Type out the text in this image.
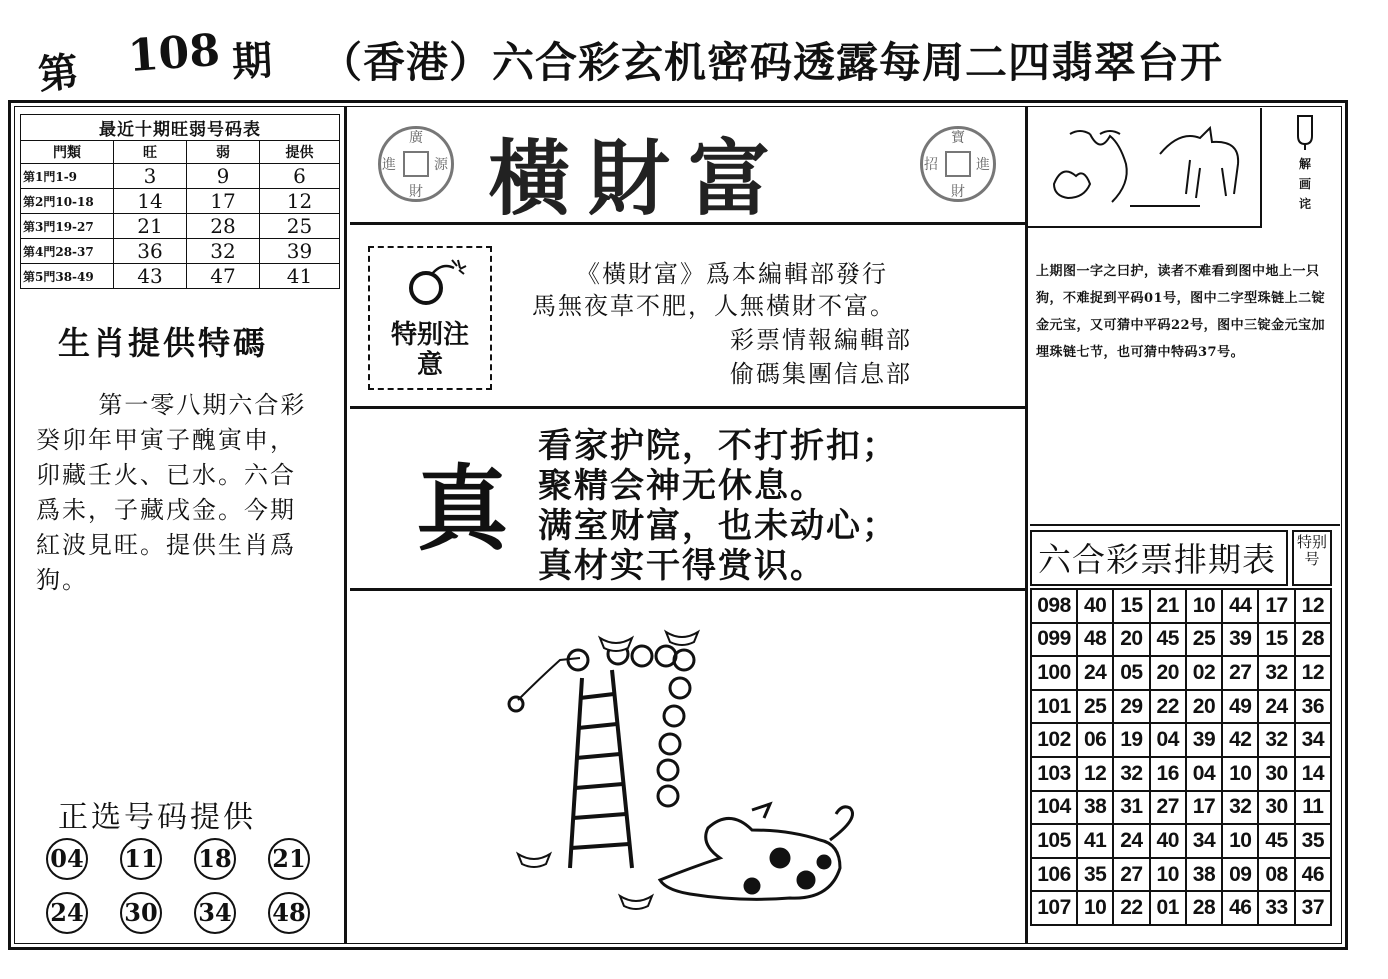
第 108 期 （香港）六合彩玄机密码透露每周二四翡翠台开
最近十期旺弱号码表			
門類	旺	弱	提供
第1門1-9	3	9	6
第2門10-18	14	17	12
第3門19-27	21	28	25
第4門28-37	36	32	39
第5門38-49	43	47	41
生肖提供特碼
第一零八期六合彩癸卯年甲寅子醜寅申，卯藏壬火、已水。六合爲未，子藏戌金。今期紅波見旺。提供生肖爲狗。
正选号码提供
04 11 18 21
24 30 34 48
廣
源
財
進 橫財富	寶
進
財
招
特别注意
《橫財富》爲本編輯部發行
馬無夜草不肥，人無橫財不富。
彩票情報編輯部
偷碼集團信息部
真
看家护院，不打折扣；
聚精会神无休息。
满室财富，也未动心；
真材实干得赏识。
解画诧
上期图一字之曰护，读者不难看到图中地上一只狗，不难捉到平码01号，图中二字型珠链上二锭金元宝，又可猜中平码22号，图中三锭金元宝加埋珠链七节，也可猜中特码37号。
六合彩票排期表	特别号
098	40	15	21	10	44	17	12
099	48	20	45	25	39	15	28
100	24	05	20	02	27	32	12
101	25	29	22	20	49	24	36
102	06	19	04	39	42	32	34
103	12	32	16	04	10	30	14
104	38	31	27	17	32	30	11
105	41	24	40	34	10	45	35
106	35	27	10	38	09	08	46
107	10	22	01	28	46	33	37
